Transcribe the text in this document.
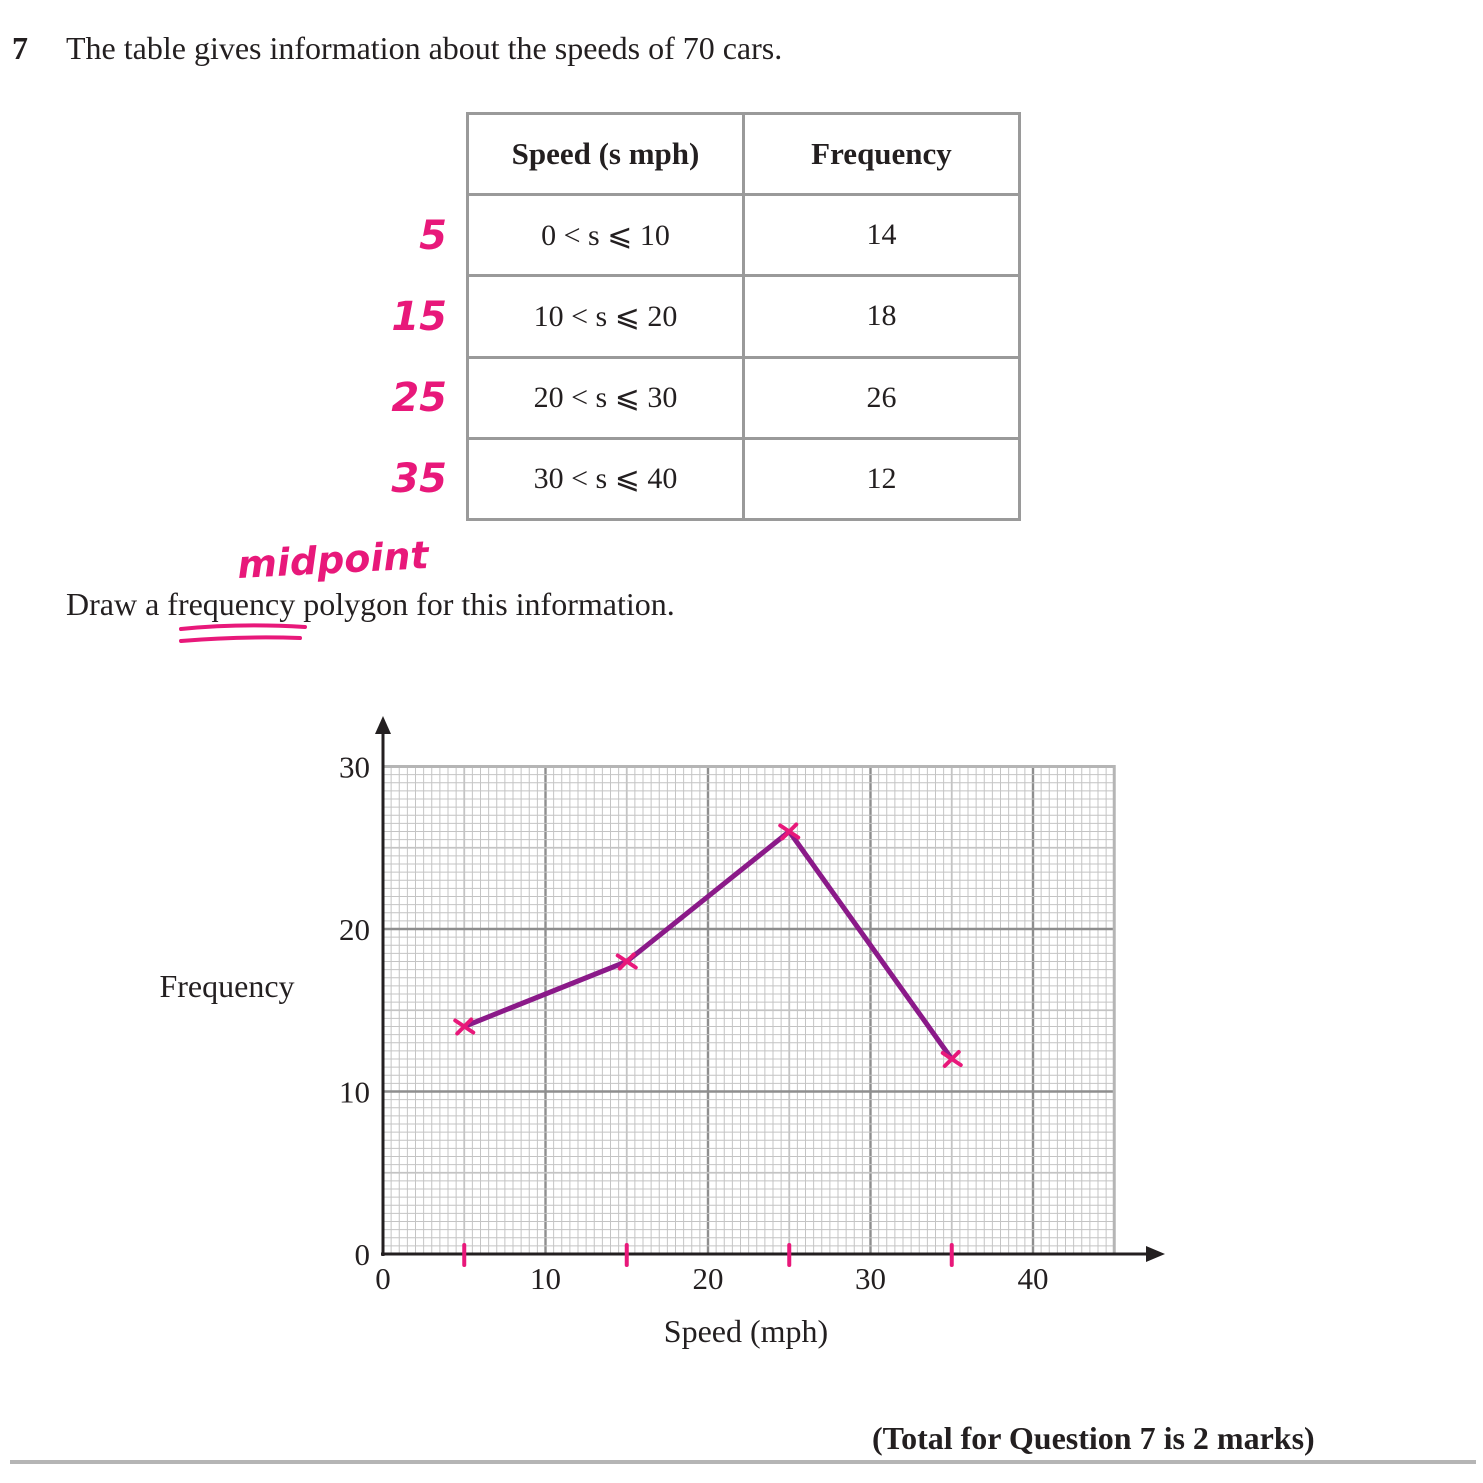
7 The table gives information about the speeds of 70 cars.
Speed (s mph)	Frequency
0 < s ⩽ 10	14
10 < s ⩽ 20	18
20 < s ⩽ 30	26
30 < s ⩽ 40	12
Draw a frequency polygon for this information.
5
15
25
35
midpoint
0	10	20	30	40
0
10
20
30
Speed (mph)
Frequency
(Total for Question 7 is 2 marks)
